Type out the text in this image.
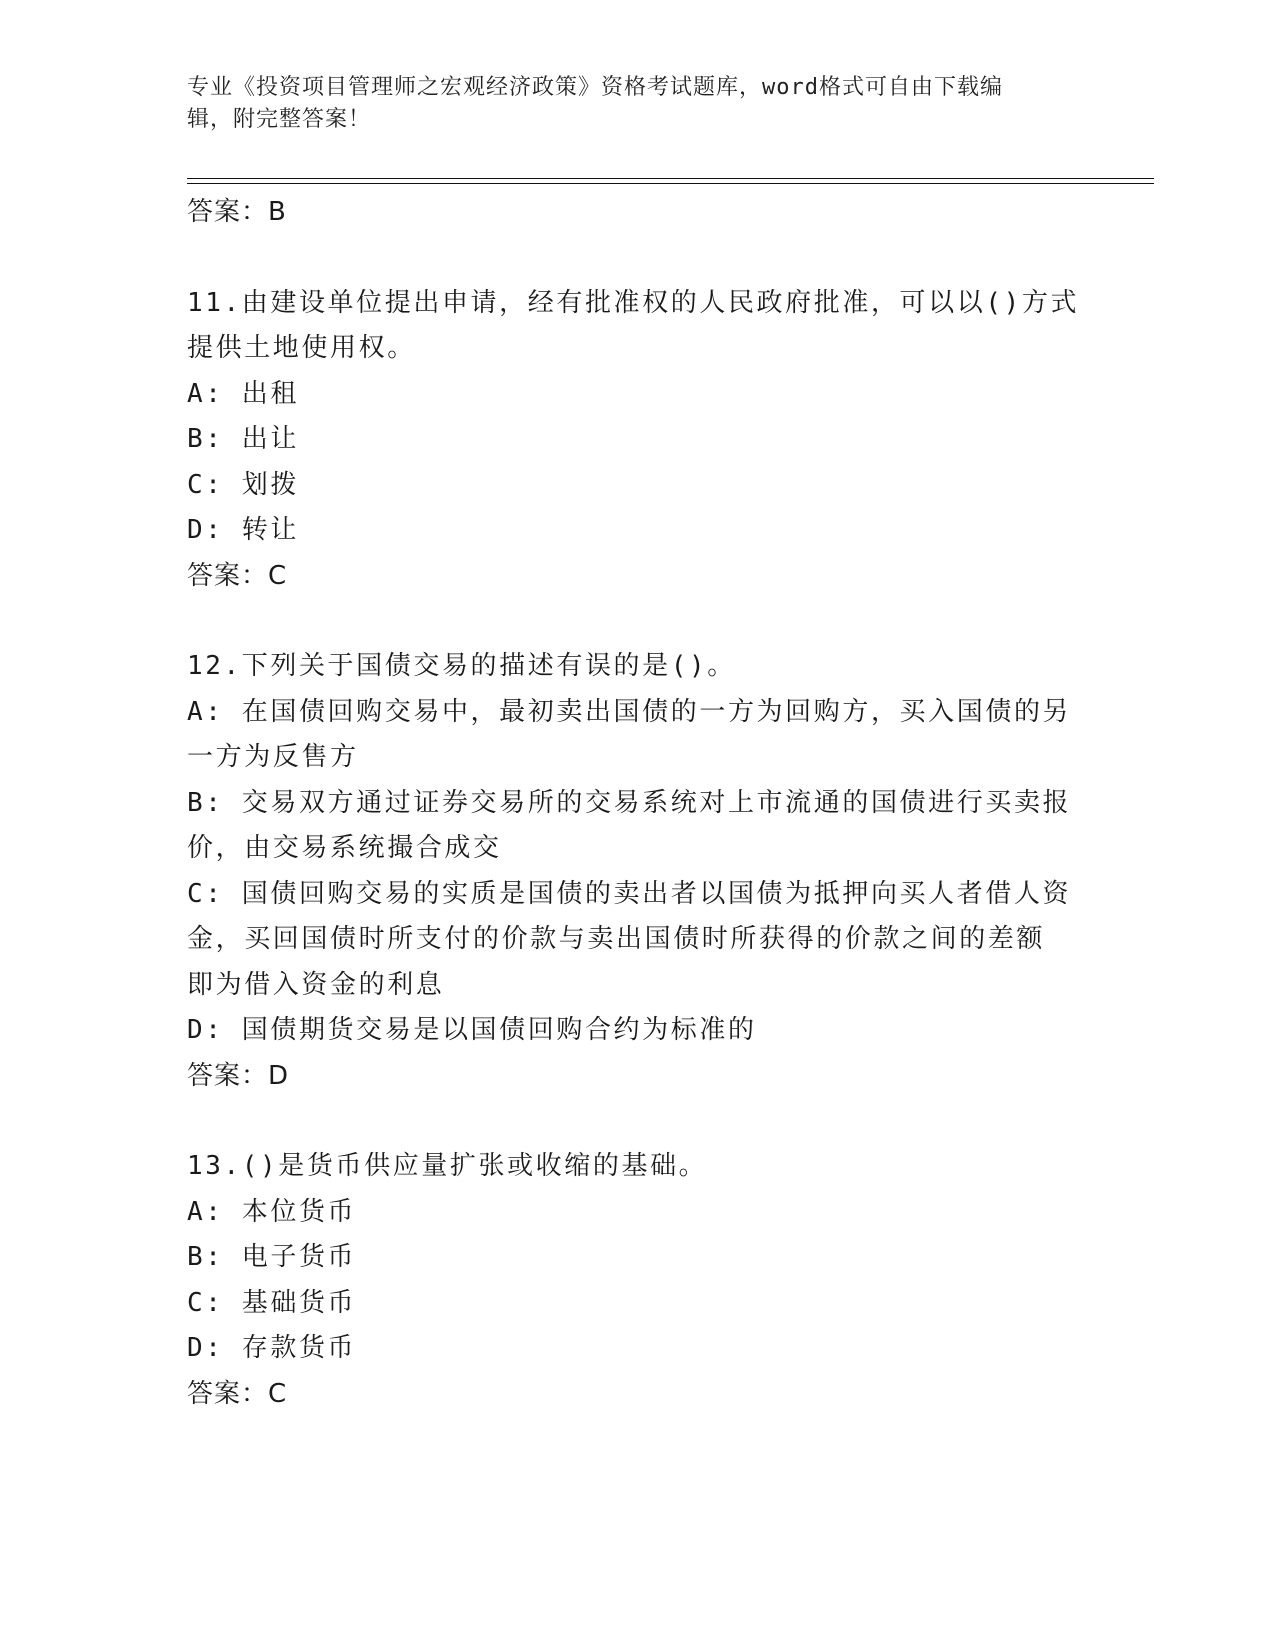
专业《投资项目管理师之宏观经济政策》资格考试题库，word格式可自由下载编
辑，附完整答案！
答案：B
11.由建设单位提出申请，经有批准权的人民政府批准，可以以()方式
提供土地使用权。
A: 出租
B: 出让
C: 划拨
D: 转让
答案：C
12.下列关于国债交易的描述有误的是()。
A: 在国债回购交易中，最初卖出国债的一方为回购方，买入国债的另
一方为反售方
B: 交易双方通过证券交易所的交易系统对上市流通的国债进行买卖报
价，由交易系统撮合成交
C: 国债回购交易的实质是国债的卖出者以国债为抵押向买人者借人资
金，买回国债时所支付的价款与卖出国债时所获得的价款之间的差额
即为借入资金的利息
D: 国债期货交易是以国债回购合约为标准的
答案：D
13.()是货币供应量扩张或收缩的基础。
A: 本位货币
B: 电子货币
C: 基础货币
D: 存款货币
答案：C
